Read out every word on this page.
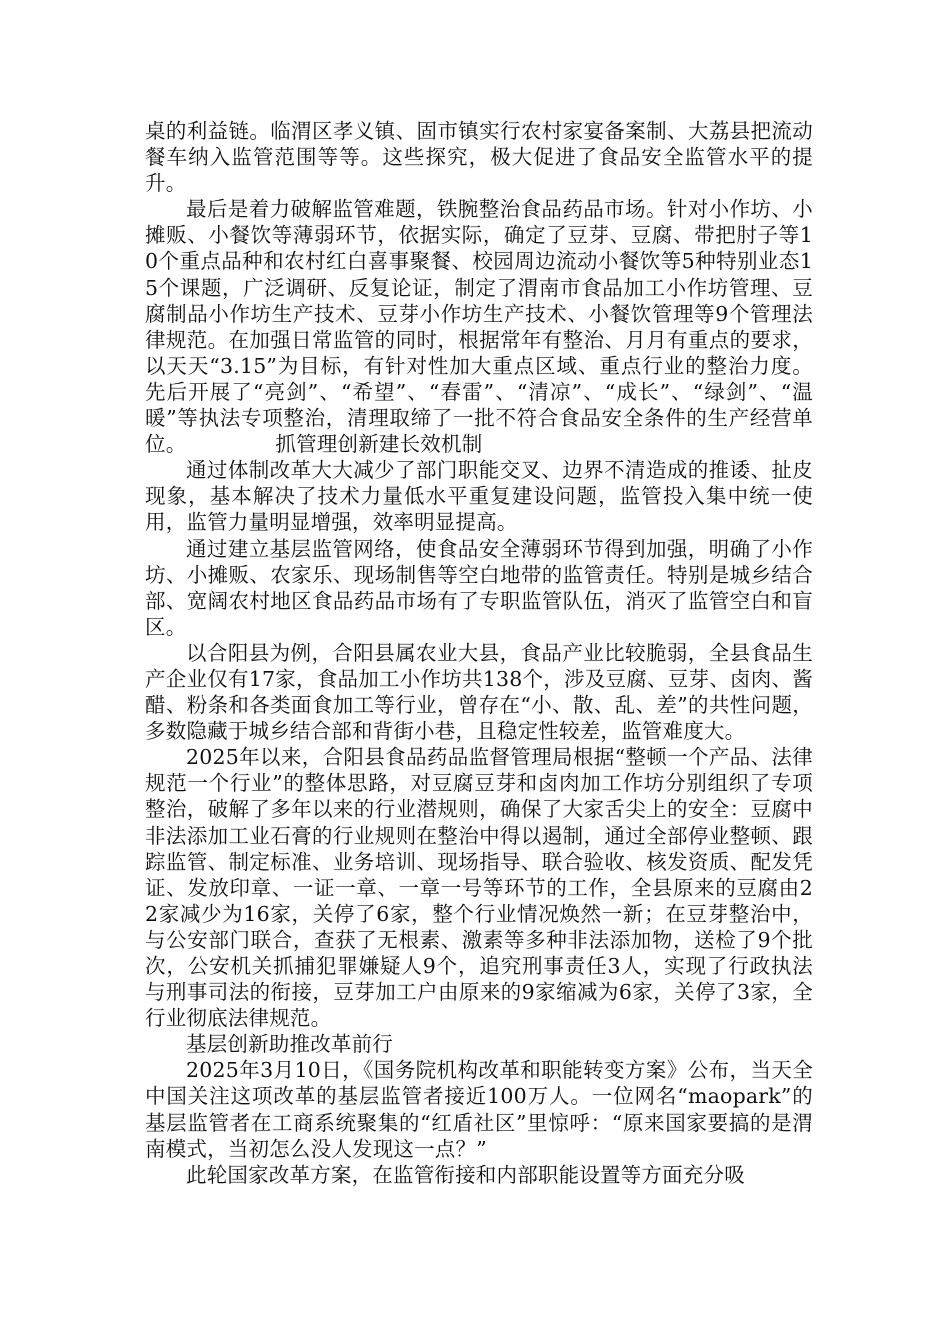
桌的利益链。临渭区孝义镇、固市镇实行农村家宴备案制、大荔县把流动餐车纳入监管范围等等。这些探究，极大促进了食品安全监管水平的提升。

最后是着力破解监管难题，铁腕整治食品药品市场。针对小作坊、小摊贩、小餐饮等薄弱环节，依据实际，确定了豆芽、豆腐、带把肘子等10个重点品种和农村红白喜事聚餐、校园周边流动小餐饮等5种特别业态15个课题，广泛调研、反复论证，制定了渭南市食品加工小作坊管理、豆腐制品小作坊生产技术、豆芽小作坊生产技术、小餐饮管理等9个管理法律规范。在加强日常监管的同时，根据常年有整治、月月有重点的要求，以天天“3.15”为目标，有针对性加大重点区域、重点行业的整治力度。先后开展了“亮剑”、“希望”、“春雷”、“清凉”、“成长”、“绿剑”、“温暖”等执法专项整治，清理取缔了一批不符合食品安全条件的生产经营单位。	抓管理创新建长效机制

通过体制改革大大减少了部门职能交叉、边界不清造成的推诿、扯皮现象，基本解决了技术力量低水平重复建设问题，监管投入集中统一使用，监管力量明显增强，效率明显提高。

通过建立基层监管网络，使食品安全薄弱环节得到加强，明确了小作坊、小摊贩、农家乐、现场制售等空白地带的监管责任。特别是城乡结合部、宽阔农村地区食品药品市场有了专职监管队伍，消灭了监管空白和盲区。

以合阳县为例，合阳县属农业大县，食品产业比较脆弱，全县食品生产企业仅有17家，食品加工小作坊共138个，涉及豆腐、豆芽、卤肉、酱醋、粉条和各类面食加工等行业，曾存在“小、散、乱、差”的共性问题，多数隐藏于城乡结合部和背街小巷，且稳定性较差，监管难度大。

2025年以来，合阳县食品药品监督管理局根据“整顿一个产品、法律规范一个行业”的整体思路，对豆腐豆芽和卤肉加工作坊分别组织了专项整治，破解了多年以来的行业潜规则，确保了大家舌尖上的安全：豆腐中非法添加工业石膏的行业规则在整治中得以遏制，通过全部停业整顿、跟踪监管、制定标准、业务培训、现场指导、联合验收、核发资质、配发凭证、发放印章、一证一章、一章一号等环节的工作，全县原来的豆腐由22家减少为16家，关停了6家，整个行业情况焕然一新；在豆芽整治中，与公安部门联合，查获了无根素、激素等多种非法添加物，送检了9个批次，公安机关抓捕犯罪嫌疑人9个，追究刑事责任3人，实现了行政执法与刑事司法的衔接，豆芽加工户由原来的9家缩减为6家，关停了3家，全行业彻底法律规范。

基层创新助推改革前行

2025年3月10日，《国务院机构改革和职能转变方案》公布，当天全中国关注这项改革的基层监管者接近100万人。一位网名“maopark”的基层监管者在工商系统聚集的“红盾社区”里惊呼：“原来国家要搞的是渭南模式，当初怎么没人发现这一点？”

此轮国家改革方案，在监管衔接和内部职能设置等方面充分吸
